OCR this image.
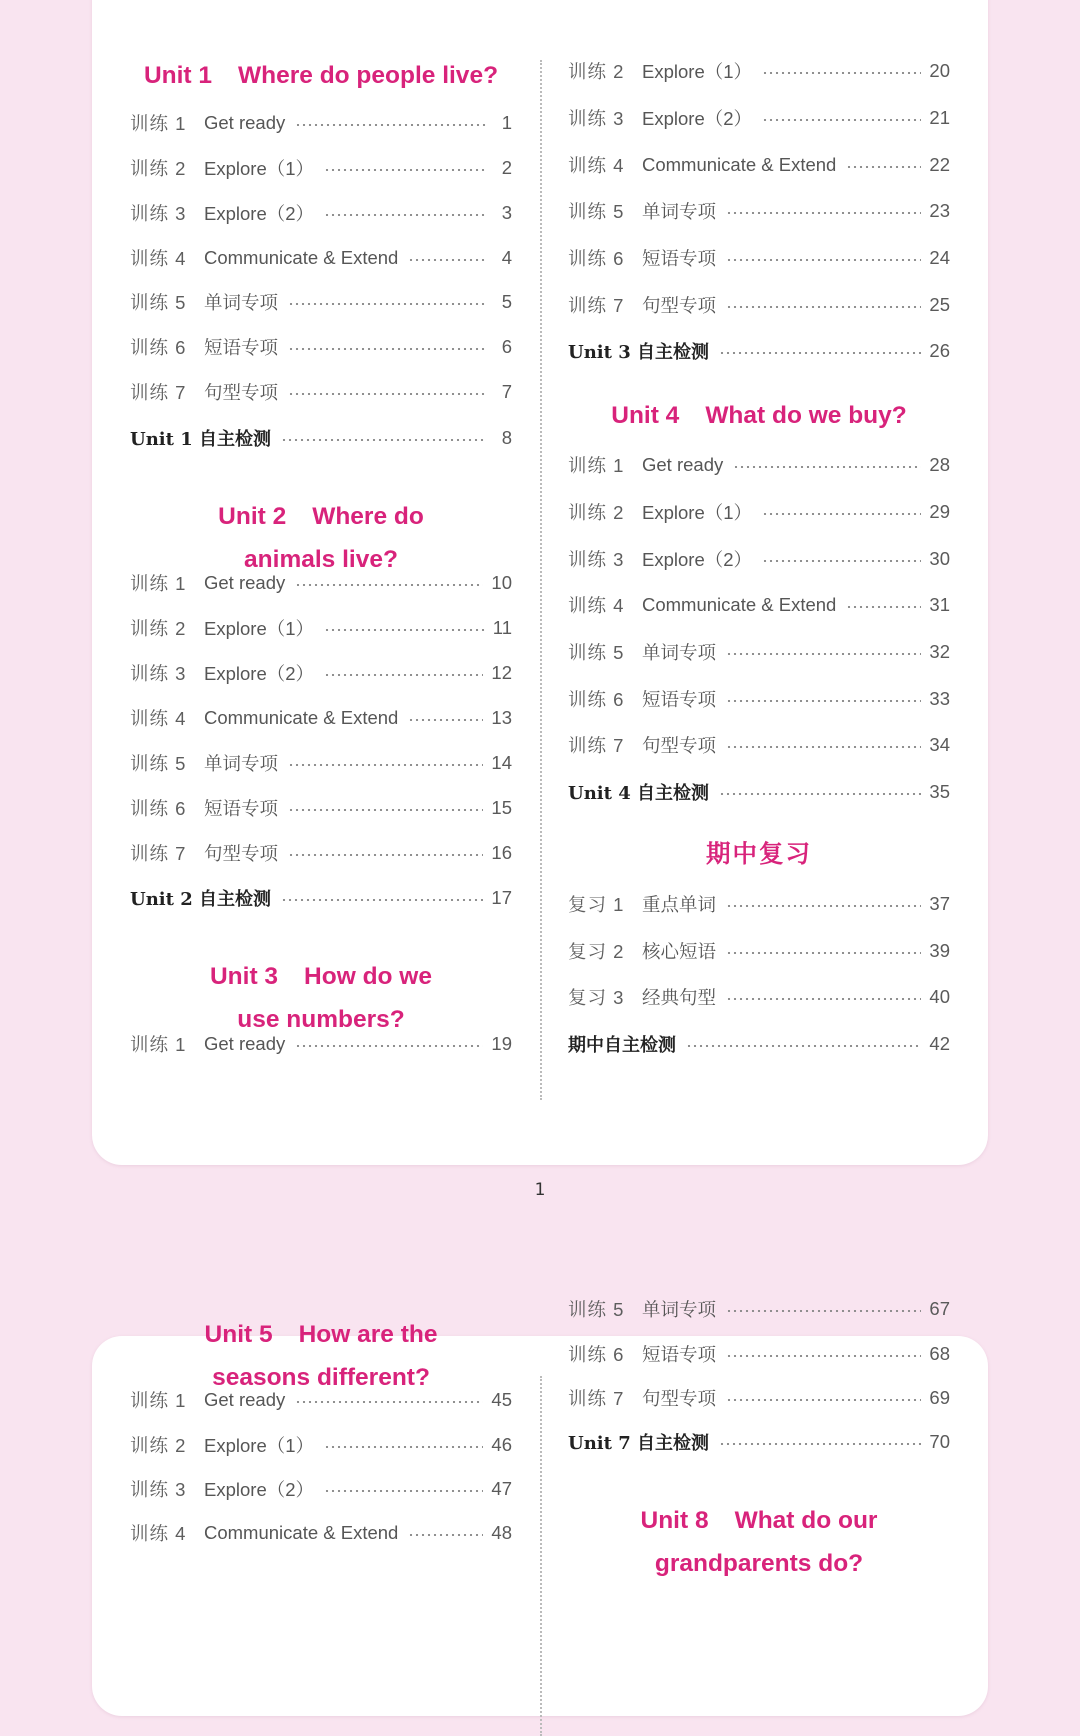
Unit 1 Where do people live?
训练 1 Get ready	1
训练 2 Explore（1）	2
训练 3 Explore（2）	3
训练 4 Communicate & Extend	4
训练 5 单词专项	5
训练 6 短语专项	6
训练 7 句型专项	7
Unit 1 自主检测	8
Unit 2 Where do
animals live?
训练 1 Get ready	10
训练 2 Explore（1）	11
训练 3 Explore（2）	12
训练 4 Communicate & Extend	13
训练 5 单词专项	14
训练 6 短语专项	15
训练 7 句型专项	16
Unit 2 自主检测	17
Unit 3 How do we
use numbers?
训练 1 Get ready	19
训练 2 Explore（1）	20
训练 3 Explore（2）	21
训练 4 Communicate & Extend	22
训练 5 单词专项	23
训练 6 短语专项	24
训练 7 句型专项	25
Unit 3 自主检测	26
Unit 4 What do we buy?
训练 1 Get ready	28
训练 2 Explore（1）	29
训练 3 Explore（2）	30
训练 4 Communicate & Extend	31
训练 5 单词专项	32
训练 6 短语专项	33
训练 7 句型专项	34
Unit 4 自主检测	35
期中复习
复习 1 重点单词	37
复习 2 核心短语	39
复习 3 经典句型	40
期中自主检测	42
1
Unit 5 How are the
seasons different?
训练 1 Get ready	45
训练 2 Explore（1）	46
训练 3 Explore（2）	47
训练 4 Communicate & Extend	48
训练 5 单词专项	67
训练 6 短语专项	68
训练 7 句型专项	69
Unit 7 自主检测	70
Unit 8 What do our
grandparents do?
